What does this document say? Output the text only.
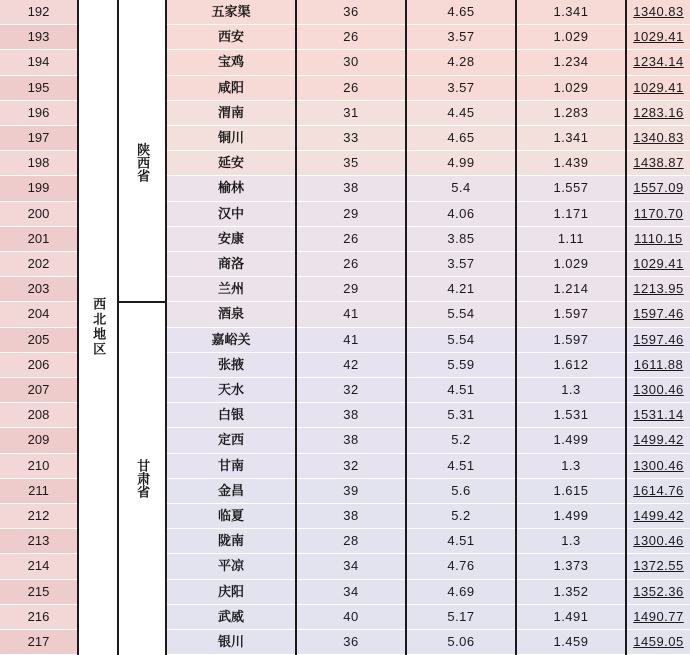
192	西北地区		五家渠	36	4.65	1.341	1340.83
193		陕西省	西安	26	3.57	1.029	1029.41
194			宝鸡	30	4.28	1.234	1234.14
195			咸阳	26	3.57	1.029	1029.41
196			渭南	31	4.45	1.283	1283.16
197			铜川	33	4.65	1.341	1340.83
198			延安	35	4.99	1.439	1438.87
199			榆林	38	5.4	1.557	1557.09
200			汉中	29	4.06	1.171	1170.70
201			安康	26	3.85	1.11	1110.15
202			商洛	26	3.57	1.029	1029.41
203			兰州	29	4.21	1.214	1213.95
204		甘肃省	酒泉	41	5.54	1.597	1597.46
205			嘉峪关	41	5.54	1.597	1597.46
206			张掖	42	5.59	1.612	1611.88
207			天水	32	4.51	1.3	1300.46
208			白银	38	5.31	1.531	1531.14
209			定西	38	5.2	1.499	1499.42
210			甘南	32	4.51	1.3	1300.46
211			金昌	39	5.6	1.615	1614.76
212			临夏	38	5.2	1.499	1499.42
213			陇南	28	4.51	1.3	1300.46
214			平凉	34	4.76	1.373	1372.55
215			庆阳	34	4.69	1.352	1352.36
216			武威	40	5.17	1.491	1490.77
217			银川	36	5.06	1.459	1459.05
